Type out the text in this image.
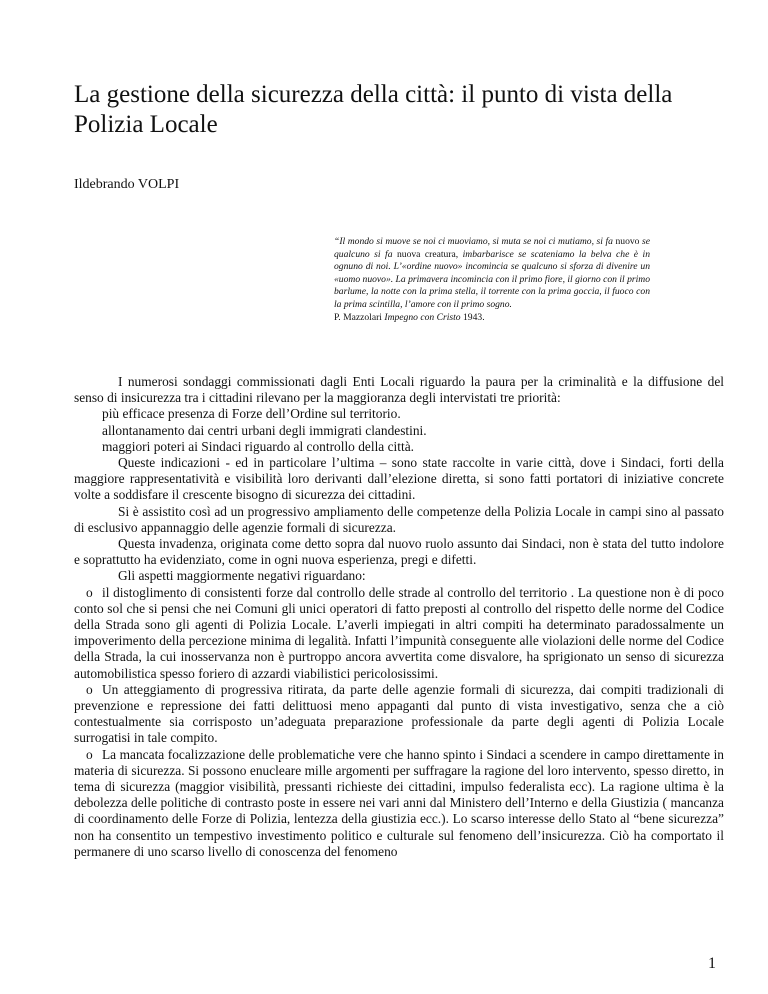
La gestione della sicurezza della città: il punto di vista della Polizia Locale
Ildebrando VOLPI
“Il mondo si muove se noi ci muoviamo, si muta se noi ci mutiamo, si fa nuovo se qualcuno si fa nuova creatura, imbarbarisce se scateniamo la belva che è in ognuno di noi. L’«ordine nuovo» incomincia se qualcuno si sforza di divenire un «uomo nuovo». La primavera incomincia con il primo fiore, il giorno con il primo barlume, la notte con la prima stella, il torrente con la prima goccia, il fuoco con la prima scintilla, l’amore con il primo sogno.
P. Mazzolari Impegno con Cristo 1943.

I numerosi sondaggi commissionati dagli Enti Locali riguardo la paura per la criminalità e la diffusione del senso di insicurezza tra i cittadini rilevano per la maggioranza degli intervistati tre priorità:

più efficace presenza di Forze dell’Ordine sul territorio.

allontanamento dai centri urbani degli immigrati clandestini.

maggiori poteri ai Sindaci riguardo al controllo della città.

Queste indicazioni - ed in particolare l’ultima – sono state raccolte in varie città, dove i Sindaci, forti della maggiore rappresentatività e visibilità loro derivanti dall’elezione diretta, si sono fatti portatori di iniziative concrete volte a soddisfare il crescente bisogno di sicurezza dei cittadini.

Si è assistito così ad un progressivo ampliamento delle competenze della Polizia Locale in campi sino al passato di esclusivo appannaggio delle agenzie formali di sicurezza.

Questa invadenza, originata come detto sopra dal nuovo ruolo assunto dai Sindaci, non è stata del tutto indolore e soprattutto ha evidenziato, come in ogni nuova esperienza, pregi e difetti.

Gli aspetti maggiormente negativi riguardano:

o il distoglimento di consistenti forze dal controllo delle strade al controllo del territorio . La questione non è di poco conto sol che si pensi che nei Comuni gli unici operatori di fatto preposti al controllo del rispetto delle norme del Codice della Strada sono gli agenti di Polizia Locale. L’averli impiegati in altri compiti ha determinato paradossalmente un impoverimento della percezione minima di legalità. Infatti l’impunità conseguente alle violazioni delle norme del Codice della Strada, la cui inosservanza non è purtroppo ancora avvertita come disvalore, ha sprigionato un senso di sicurezza automobilistica spesso foriero di azzardi viabilistici pericolosissimi.

o Un atteggiamento di progressiva ritirata, da parte delle agenzie formali di sicurezza, dai compiti tradizionali di prevenzione e repressione dei fatti delittuosi meno appaganti dal punto di vista investigativo, senza che a ciò contestualmente sia corrisposto un’adeguata preparazione professionale da parte degli agenti di Polizia Locale surrogatisi in tale compito.

o La mancata focalizzazione delle problematiche vere che hanno spinto i Sindaci a scendere in campo direttamente in materia di sicurezza. Si possono enucleare mille argomenti per suffragare la ragione del loro intervento, spesso diretto, in tema di sicurezza (maggior visibilità, pressanti richieste dei cittadini, impulso federalista ecc). La ragione ultima è la debolezza delle politiche di contrasto poste in essere nei vari anni dal Ministero dell’Interno e della Giustizia ( mancanza di coordinamento delle Forze di Polizia, lentezza della giustizia ecc.). Lo scarso interesse dello Stato al “bene sicurezza” non ha consentito un tempestivo investimento politico e culturale sul fenomeno dell’insicurezza. Ciò ha comportato il permanere di uno scarso livello di conoscenza del fenomeno

1
